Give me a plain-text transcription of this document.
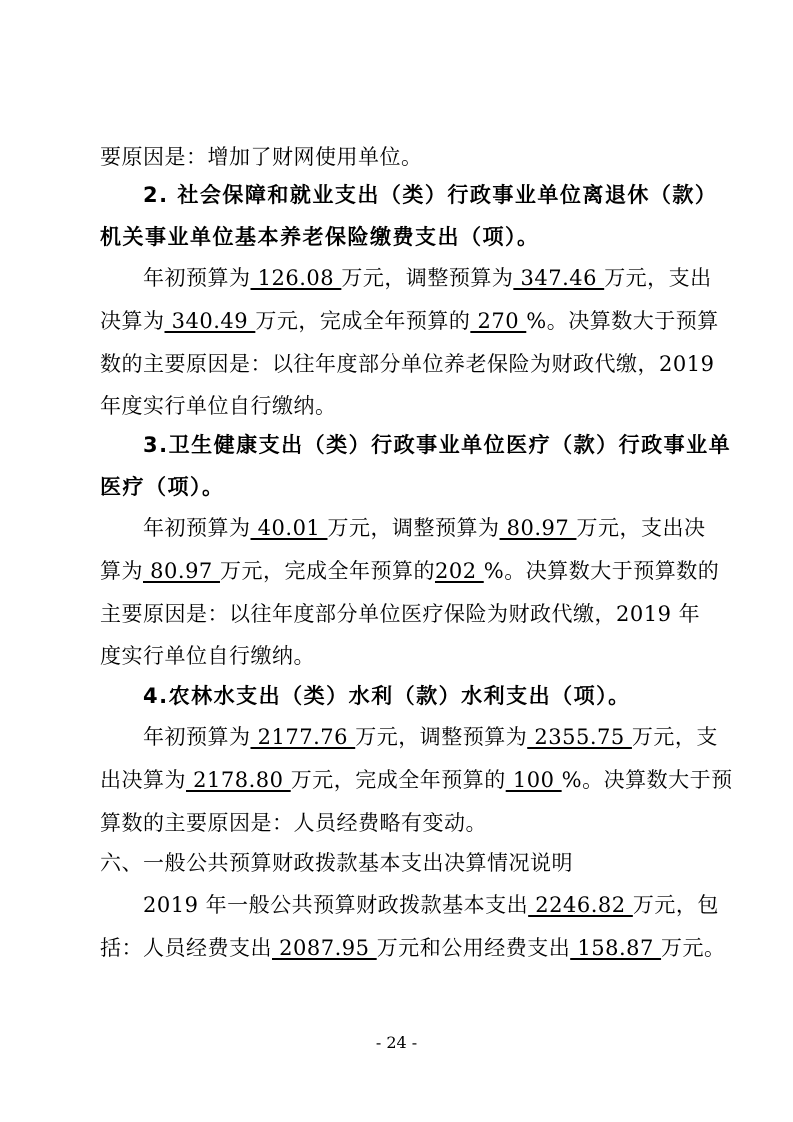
要原因是：增加了财网使用单位。
2. 社会保障和就业支出（类）行政事业单位离退休（款）
机关事业单位基本养老保险缴费支出（项）。
年初预算为 126.08 万元，调整预算为 347.46 万元，支出
决算为 340.49 万元，完成全年预算的 270 %。决算数大于预算
数的主要原因是：以往年度部分单位养老保险为财政代缴，2019
年度实行单位自行缴纳。
3.卫生健康支出（类）行政事业单位医疗（款）行政事业单
医疗（项）。
年初预算为 40.01 万元，调整预算为 80.97 万元，支出决
算为 80.97 万元，完成全年预算的202 %。决算数大于预算数的
主要原因是：以往年度部分单位医疗保险为财政代缴，2019 年
度实行单位自行缴纳。
4.农林水支出（类）水利（款）水利支出（项）。
年初预算为 2177.76 万元，调整预算为 2355.75 万元，支
出决算为 2178.80 万元，完成全年预算的 100 %。决算数大于预
算数的主要原因是：人员经费略有变动。
六、一般公共预算财政拨款基本支出决算情况说明
2019 年一般公共预算财政拨款基本支出 2246.82 万元，包
括：人员经费支出 2087.95 万元和公用经费支出 158.87 万元。
- 24 -
